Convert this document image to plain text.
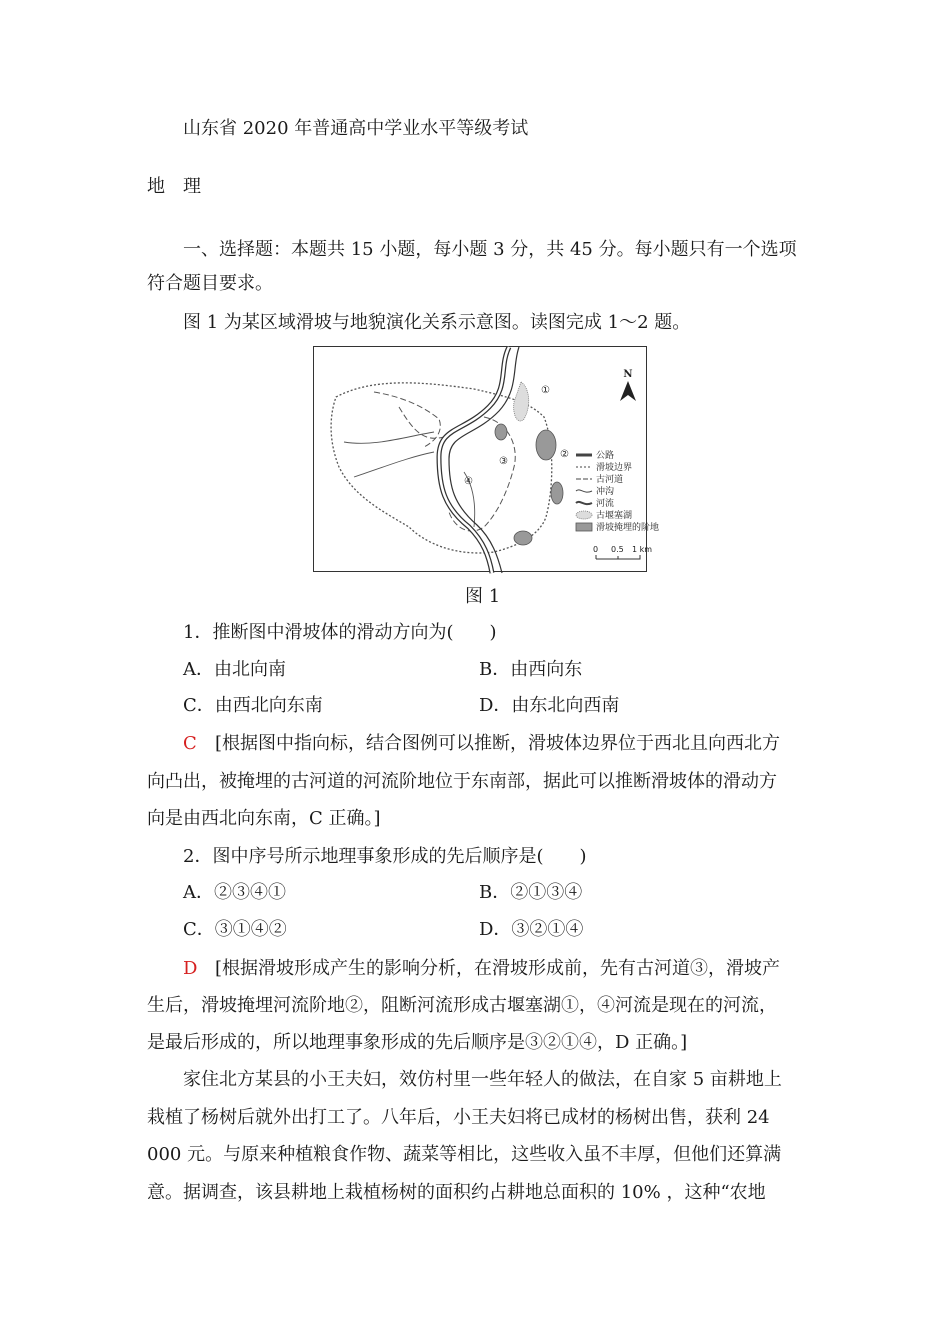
山东省 2020 年普通高中学业水平等级考试
地　理
一、选择题：本题共 15 小题，每小题 3 分，共 45 分。每小题只有一个选项
符合题目要求。
图 1 为某区域滑坡与地貌演化关系示意图。读图完成 1～2 题。
①
②
③
④
N
公路
滑坡边界
古河道
冲沟
河流
古堰塞湖
滑坡掩埋的阶地
0 0.5 1 km
图 1
1．推断图中滑坡体的滑动方向为(　　)
A．由北向南	B．由西向东
C．由西北向东南	D．由东北向西南
C [根据图中指向标，结合图例可以推断，滑坡体边界位于西北且向西北方
向凸出，被掩埋的古河道的河流阶地位于东南部，据此可以推断滑坡体的滑动方
向是由西北向东南，C 正确。]
2．图中序号所示地理事象形成的先后顺序是(　　)
A．②③④①	B．②①③④
C．③①④②	D．③②①④
D [根据滑坡形成产生的影响分析，在滑坡形成前，先有古河道③，滑坡产
生后，滑坡掩埋河流阶地②，阻断河流形成古堰塞湖①，④河流是现在的河流，
是最后形成的，所以地理事象形成的先后顺序是③②①④，D 正确。]
家住北方某县的小王夫妇，效仿村里一些年轻人的做法，在自家 5 亩耕地上
栽植了杨树后就外出打工了。八年后，小王夫妇将已成材的杨树出售，获利 24
000 元。与原来种植粮食作物、蔬菜等相比，这些收入虽不丰厚，但他们还算满
意。据调查，该县耕地上栽植杨树的面积约占耕地总面积的 10% ，这种“农地
